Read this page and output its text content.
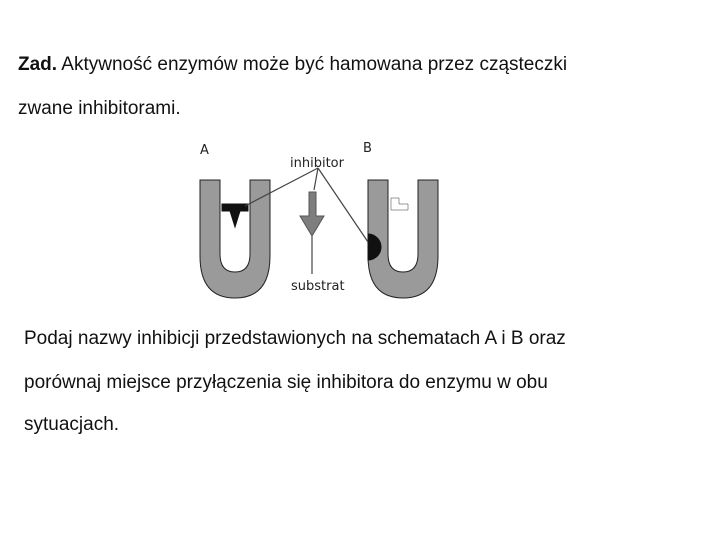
Zad. Aktywność enzymów może być hamowana przez cząsteczki
zwane inhibitorami.
A	B
inhibitor
substrat
Podaj nazwy inhibicji przedstawionych na schematach A i B oraz
porównaj miejsce przyłączenia się inhibitora do enzymu w obu
sytuacjach.
